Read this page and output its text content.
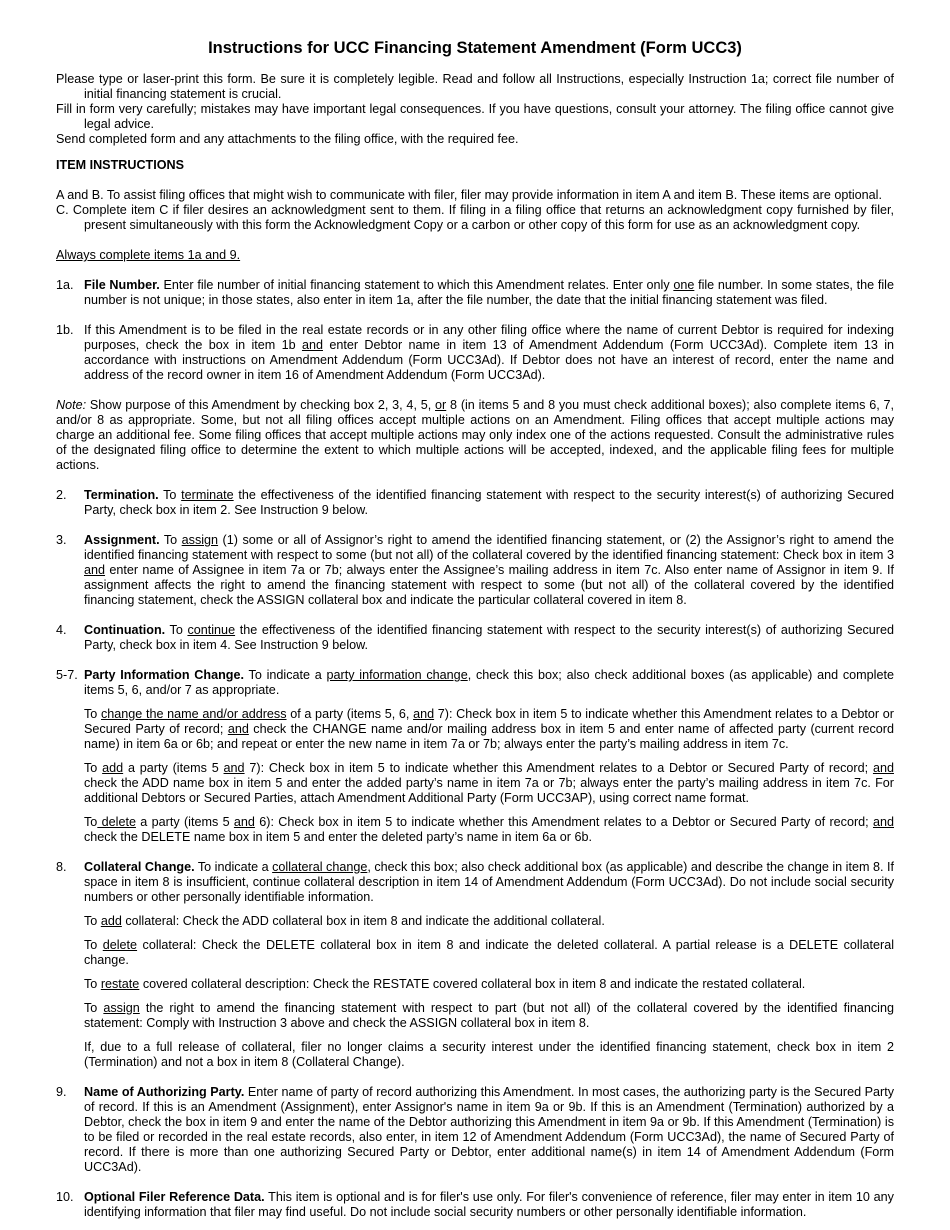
Instructions for UCC Financing Statement Amendment (Form UCC3)

Please type or laser-print this form. Be sure it is completely legible. Read and follow all Instructions, especially Instruction 1a; correct file number of initial financing statement is crucial.

Fill in form very carefully; mistakes may have important legal consequences. If you have questions, consult your attorney. The filing office cannot give legal advice.

Send completed form and any attachments to the filing office, with the required fee.

ITEM INSTRUCTIONS

A and B. To assist filing offices that might wish to communicate with filer, filer may provide information in item A and item B. These items are optional.

C. Complete item C if filer desires an acknowledgment sent to them. If filing in a filing office that returns an acknowledgment copy furnished by filer, present simultaneously with this form the Acknowledgment Copy or a carbon or other copy of this form for use as an acknowledgment copy.

Always complete items 1a and 9.

1a. File Number. Enter file number of initial financing statement to which this Amendment relates. Enter only one file number. In some states, the file number is not unique; in those states, also enter in item 1a, after the file number, the date that the initial financing statement was filed.

1b. If this Amendment is to be filed in the real estate records or in any other filing office where the name of current Debtor is required for indexing purposes, check the box in item 1b and enter Debtor name in item 13 of Amendment Addendum (Form UCC3Ad). Complete item 13 in accordance with instructions on Amendment Addendum (Form UCC3Ad). If Debtor does not have an interest of record, enter the name and address of the record owner in item 16 of Amendment Addendum (Form UCC3Ad).

Note: Show purpose of this Amendment by checking box 2, 3, 4, 5, or 8 (in items 5 and 8 you must check additional boxes); also complete items 6, 7, and/or 8 as appropriate. Some, but not all filing offices accept multiple actions on an Amendment. Filing offices that accept multiple actions may charge an additional fee. Some filing offices that accept multiple actions may only index one of the actions requested. Consult the administrative rules of the designated filing office to determine the extent to which multiple actions will be accepted, indexed, and the applicable filing fees for multiple actions.

2.	Termination. To terminate the effectiveness of the identified financing statement with respect to the security interest(s) of authorizing Secured Party, check box in item 2. See Instruction 9 below.

3.	Assignment. To assign (1) some or all of Assignor’s right to amend the identified financing statement, or (2) the Assignor’s right to amend the identified financing statement with respect to some (but not all) of the collateral covered by the identified financing statement: Check box in item 3 and enter name of Assignee in item 7a or 7b; always enter the Assignee’s mailing address in item 7c. Also enter name of Assignor in item 9. If assignment affects the right to amend the financing statement with respect to some (but not all) of the collateral covered by the identified financing statement, check the ASSIGN collateral box and indicate the particular collateral covered in item 8.

4.	Continuation. To continue the effectiveness of the identified financing statement with respect to the security interest(s) of authorizing Secured Party, check box in item 4. See Instruction 9 below.

5-7. Party Information Change. To indicate a party information change, check this box; also check additional boxes (as applicable) and complete items 5, 6, and/or 7 as appropriate.

To change the name and/or address of a party (items 5, 6, and 7): Check box in item 5 to indicate whether this Amendment relates to a Debtor or Secured Party of record; and check the CHANGE name and/or mailing address box in item 5 and enter name of affected party (current record name) in item 6a or 6b; and repeat or enter the new name in item 7a or 7b; always enter the party’s mailing address in item 7c.

To add a party (items 5 and 7): Check box in item 5 to indicate whether this Amendment relates to a Debtor or Secured Party of record; and check the ADD name box in item 5 and enter the added party’s name in item 7a or 7b; always enter the party’s mailing address in item 7c. For additional Debtors or Secured Parties, attach Amendment Additional Party (Form UCC3AP), using correct name format.

To delete a party (items 5 and 6): Check box in item 5 to indicate whether this Amendment relates to a Debtor or Secured Party of record; and check the DELETE name box in item 5 and enter the deleted party’s name in item 6a or 6b.

8.	Collateral Change. To indicate a collateral change, check this box; also check additional box (as applicable) and describe the change in item 8. If space in item 8 is insufficient, continue collateral description in item 14 of Amendment Addendum (Form UCC3Ad). Do not include social security numbers or other personally identifiable information.

To add collateral: Check the ADD collateral box in item 8 and indicate the additional collateral.

To delete collateral: Check the DELETE collateral box in item 8 and indicate the deleted collateral. A partial release is a DELETE collateral change.

To restate covered collateral description: Check the RESTATE covered collateral box in item 8 and indicate the restated collateral.

To assign the right to amend the financing statement with respect to part (but not all) of the collateral covered by the identified financing statement: Comply with Instruction 3 above and check the ASSIGN collateral box in item 8.

If, due to a full release of collateral, filer no longer claims a security interest under the identified financing statement, check box in item 2 (Termination) and not a box in item 8 (Collateral Change).

9.	Name of Authorizing Party. Enter name of party of record authorizing this Amendment. In most cases, the authorizing party is the Secured Party of record. If this is an Amendment (Assignment), enter Assignor's name in item 9a or 9b. If this is an Amendment (Termination) authorized by a Debtor, check the box in item 9 and enter the name of the Debtor authorizing this Amendment in item 9a or 9b. If this Amendment (Termination) is to be filed or recorded in the real estate records, also enter, in item 12 of Amendment Addendum (Form UCC3Ad), the name of Secured Party of record. If there is more than one authorizing Secured Party or Debtor, enter additional name(s) in item 14 of Amendment Addendum (Form UCC3Ad).

10. Optional Filer Reference Data. This item is optional and is for filer's use only. For filer's convenience of reference, filer may enter in item 10 any identifying information that filer may find useful. Do not include social security numbers or other personally identifiable information.
